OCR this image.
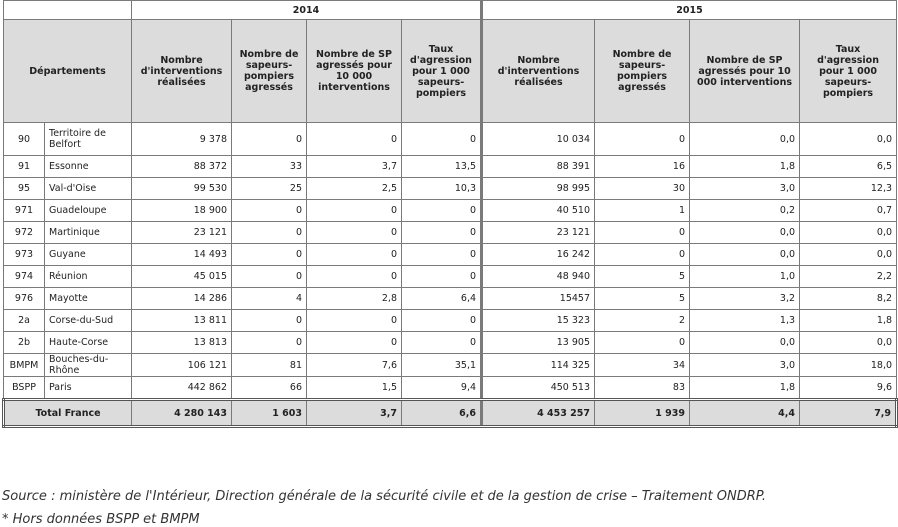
		2014				2015			
Départements		Nombre d'interventions réalisées	Nombre de sapeurs-pompiers agressés	Nombre de SP agressés pour 10 000 interventions	Taux d'agression pour 1 000 sapeurs-pompiers	Nombre d'interventions réalisées	Nombre de sapeurs-pompiers agressés	Nombre de SP agressés pour 10 000 interventions	Taux d'agression pour 1 000 sapeurs-pompiers
90	Territoire de Belfort	9 378	0	0	0	10 034	0	0,0	0,0
91	Essonne	88 372	33	3,7	13,5	88 391	16	1,8	6,5
95	Val-d'Oise	99 530	25	2,5	10,3	98 995	30	3,0	12,3
971	Guadeloupe	18 900	0	0	0	40 510	1	0,2	0,7
972	Martinique	23 121	0	0	0	23 121	0	0,0	0,0
973	Guyane	14 493	0	0	0	16 242	0	0,0	0,0
974	Réunion	45 015	0	0	0	48 940	5	1,0	2,2
976	Mayotte	14 286	4	2,8	6,4	15457	5	3,2	8,2
2a	Corse-du-Sud	13 811	0	0	0	15 323	2	1,3	1,8
2b	Haute-Corse	13 813	0	0	0	13 905	0	0,0	0,0
BMPM	Bouches-du-Rhône	106 121	81	7,6	35,1	114 325	34	3,0	18,0
BSPP	Paris	442 862	66	1,5	9,4	450 513	83	1,8	9,6
Total France		4 280 143	1 603	3,7	6,6	4 453 257	1 939	4,4	7,9
Source : ministère de l'Intérieur, Direction générale de la sécurité civile et de la gestion de crise – Traitement ONDRP.
* Hors données BSPP et BMPM
